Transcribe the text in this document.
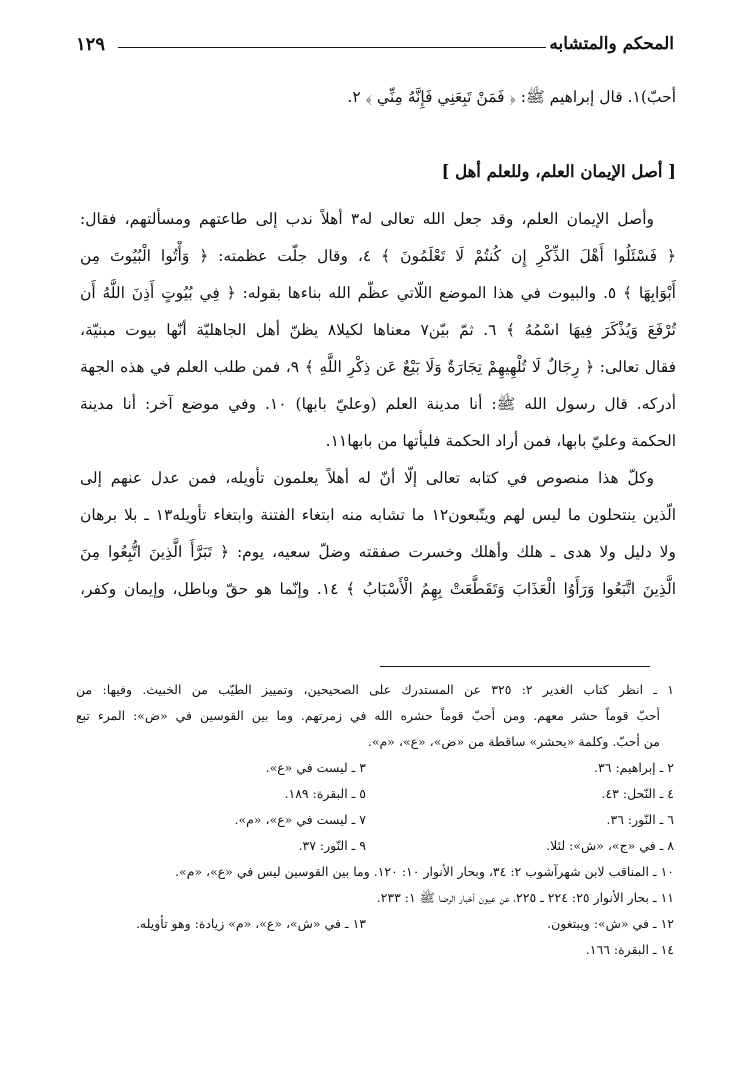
المحكم والمتشابه
١٢٩
أحبّ)١. قال إبراهيم ﷺ: ﴿ فَمَنْ تَبِعَنِي فَإِنَّهُ مِنِّي ﴾ ٢.
[ أصل الإيمان العلم، وللعلم أهل ]
وأصل الإيمان العلم، وقد جعل الله تعالى له٣ أهلاً ندب إلى طاعتهم ومسألتهم، فقال:
﴿ فَسْئَلُوا أَهْلَ الذِّكْرِ إِن كُنتُمْ لَا تَعْلَمُونَ ﴾ ٤، وقال جلّت عظمته: ﴿ وَأْتُوا الْبُيُوتَ مِن
أَبْوَابِهَا ﴾ ٥. والبيوت في هذا الموضع اللّاتي عظّم الله بناءها بقوله: ﴿ فِي بُيُوتٍ أَذِنَ اللَّهُ أَن
تُرْفَعَ وَيُذْكَرَ فِيهَا اسْمُهُ ﴾ ٦. ثمّ بيّن٧ معناها لكيلا٨ يظنّ أهل الجاهليّة أنّها بيوت مبنيّة،
فقال تعالى: ﴿ رِجَالٌ لَا تُلْهِيهِمْ تِجَارَةٌ وَلَا بَيْعٌ عَن ذِكْرِ اللَّهِ ﴾ ٩، فمن طلب العلم في هذه الجهة
أدركه. قال رسول الله ﷺ: أنا مدينة العلم (وعليّ بابها) ١٠. وفي موضع آخر: أنا مدينة
الحكمة وعليّ بابها، فمن أراد الحكمة فليأتها من بابها١١.
وكلّ هذا منصوص في كتابه تعالى إلّا أنّ له أهلاً يعلمون تأويله، فمن عدل عنهم إلى
الّذين ينتحلون ما ليس لهم ويتّبعون١٢ ما تشابه منه ابتغاء الفتنة وابتغاء تأويله١٣ ـ بلا برهان
ولا دليل ولا هدى ـ هلك وأهلك وخسرت صفقته وضلّ سعيه، يوم: ﴿ تَبَرَّأَ الَّذِينَ اتُّبِعُوا مِنَ
الَّذِينَ اتَّبَعُوا وَرَأَوُا الْعَذَابَ وَتَقَطَّعَتْ بِهِمُ الْأَسْبَابُ ﴾ ١٤. وإنّما هو حقّ وباطل، وإيمان وكفر،
١ ـ انظر كتاب الغدير ٢: ٣٢٥ عن المستدرك على الصحيحين، وتمييز الطيّب من الخبيث. وفيها: من
أحبّ قوماً حشر معهم. ومن أحبّ قوماً حشره الله في زمرتهم. وما بين القوسين في «ض»: المرء تبع
من أحبّ. وكلمة «يحشر» ساقطة من «ض»، «ع»، «م».
٢ ـ إبراهيم: ٣٦.
٣ ـ ليست في «ع».
٤ ـ النّحل: ٤٣.
٥ ـ البقرة: ١٨٩.
٦ ـ النّور: ٣٦.
٧ ـ ليست في «ع»، «م».
٨ ـ في «ج»، «ش»: لئلا.
٩ ـ النّور: ٣٧.
١٠ ـ المناقب لابن شهرآشوب ٢: ٣٤، وبحار الأنوار ١٠: ١٢٠. وما بين القوسين ليس في «ع»، «م».
١١ ـ بحار الأنوار ٢٥: ٢٢٤ ـ ٢٢٥، عن عيون أخبار الرضا ﷺ ١: ٢٣٣.
١٢ ـ في «ش»: ويبتغون.
١٣ ـ في «ش»، «ع»، «م» زيادة: وهو تأويله.
١٤ ـ البقرة: ١٦٦.
